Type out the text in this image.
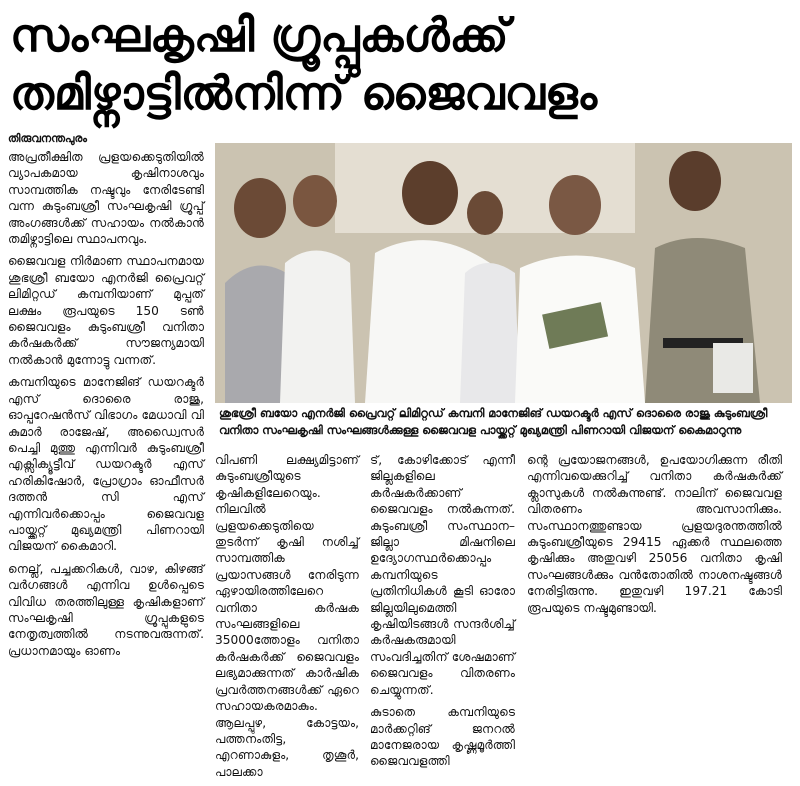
സംഘകൃഷി ഗ്രൂപ്പുകൾക്ക്
തമിഴ്നാട്ടിൽനിന്ന് ജൈവവളം
തിരുവനന്തപുരം

അപ്രതീക്ഷിത പ്രളയക്കെടുതിയിൽ വ്യാപകമായ കൃഷിനാശവും സാമ്പത്തിക നഷ്ടവും നേരിടേണ്ടി വന്ന കുടുംബശ്രീ സംഘകൃഷി ഗ്രൂപ്പ് അംഗങ്ങൾക്ക് സഹായം നൽകാൻ തമിഴ്നാട്ടിലെ സ്ഥാപനവും.

ജൈവവള നിർമാണ സ്ഥാപനമായ ശുഭശ്രീ ബയോ എനർജി പ്രൈവറ്റ് ലിമിറ്റഡ് കമ്പനിയാണ് മുപ്പത് ലക്ഷം രൂപയുടെ 150 ടൺ ജൈവവളം കുടുംബശ്രീ വനിതാ കർഷകർക്ക് സൗജന്യമായി നൽകാൻ മുന്നോട്ടു വന്നത്.

കമ്പനിയുടെ മാനേജിങ് ഡയറക്ടർ എസ് ദൊരൈ രാജു, ഓപ്പറേഷൻസ് വിഭാഗം മേധാവി വി കുമാർ രാജേഷ്, അഡ്വൈസർ പെച്ചി മുത്തു എന്നിവർ കുടുംബശ്രീ എക്സിക്യൂട്ടീവ് ഡയറക്ടർ എസ് ഹരികിഷോർ, പ്രോഗ്രാം ഓഫീസർ ദത്തൻ സി എസ് എന്നിവർക്കൊപ്പം ജൈവവള പായ്ക്കറ്റ് മുഖ്യമന്ത്രി പിണറായി വിജയന് കൈമാറി.

നെല്ല്, പച്ചക്കറികൾ, വാഴ, കിഴങ്ങ് വർഗങ്ങൾ എന്നിവ ഉൾപ്പെടെ വിവിധ തരത്തിലുള്ള കൃഷികളാണ് സംഘകൃഷി ഗ്രൂപ്പുകളുടെ നേതൃത്വത്തിൽ നടന്നുവരുന്നത്. പ്രധാനമായും ഓണം

ശുഭശ്രീ ബയോ എനർജി പ്രൈവറ്റ് ലിമിറ്റഡ് കമ്പനി മാനേജിങ് ഡയറക്ടർ എസ് ദൊരൈ രാജു കുടുംബശ്രീ വനിതാ സംഘകൃഷി സംഘങ്ങൾക്കുള്ള ജൈവവള പായ്ക്കറ്റ് മുഖ്യമന്ത്രി പിണറായി വിജയന് കൈമാറുന്നു

വിപണി ലക്ഷ്യമിട്ടാണ് കുടുംബശ്രീയുടെ കൃഷികളിലേറെയും. നിലവിൽ പ്രളയക്കെടുതിയെ തുടർന്ന് കൃഷി നശിച്ച് സാമ്പത്തിക പ്രയാസങ്ങൾ നേരിടുന്ന ഏഴായിരത്തിലേറെ വനിതാ കർഷക സംഘങ്ങളിലെ 35000ത്തോളം വനിതാ കർഷകർക്ക് ജൈവവളം ലഭ്യമാക്കുന്നത് കാർഷിക പ്രവർത്തനങ്ങൾക്ക് ഏറെ സഹായകരമാകും. ആലപ്പുഴ, കോട്ടയം, പത്തനംതിട്ട, എറണാകുളം, തൃശൂർ, പാലക്കാ

ട്, കോഴിക്കോട് എന്നീ ജില്ലകളിലെ കർഷകർക്കാണ് ജൈവവളം നൽകുന്നത്. കുടുംബശ്രീ സംസ്ഥാന– ജില്ലാ മിഷനിലെ ഉദ്യോഗസ്ഥർക്കൊപ്പം കമ്പനിയുടെ പ്രതിനിധികൾ കൂടി ഓരോ ജില്ലയിലുമെത്തി കൃഷിയിടങ്ങൾ സന്ദർശിച്ച് കർഷകരുമായി സംവദിച്ചതിന് ശേഷമാണ് ജൈവവളം വിതരണം ചെയ്യുന്നത്.

കുടാതെ കമ്പനിയുടെ മാർക്കറ്റിങ് ജനറൽ മാനേജരായ കൃഷ്ണമൂർത്തി ജൈവവളത്തി

ന്റെ പ്രയോജനങ്ങൾ, ഉപയോഗിക്കുന്ന രീതി എന്നിവയെക്കുറിച്ച് വനിതാ കർഷകർക്ക് ക്ലാസുകൾ നൽകുന്നുണ്ട്. നാലിന് ജൈവവള വിതരണം അവസാനിക്കും. സംസ്ഥാനത്തുണ്ടായ പ്രളയദുരന്തത്തിൽ കുടുംബശ്രീയുടെ 29415 ഏക്കർ സ്ഥലത്തെ കൃഷിക്കും അതുവഴി 25056 വനിതാ കൃഷി സംഘങ്ങൾക്കും വൻതോതിൽ നാശനഷ്ടങ്ങൾ നേരിട്ടിരുന്നു. ഇതുവഴി 197.21 കോടി രൂപയുടെ നഷ്ടമുണ്ടായി.
